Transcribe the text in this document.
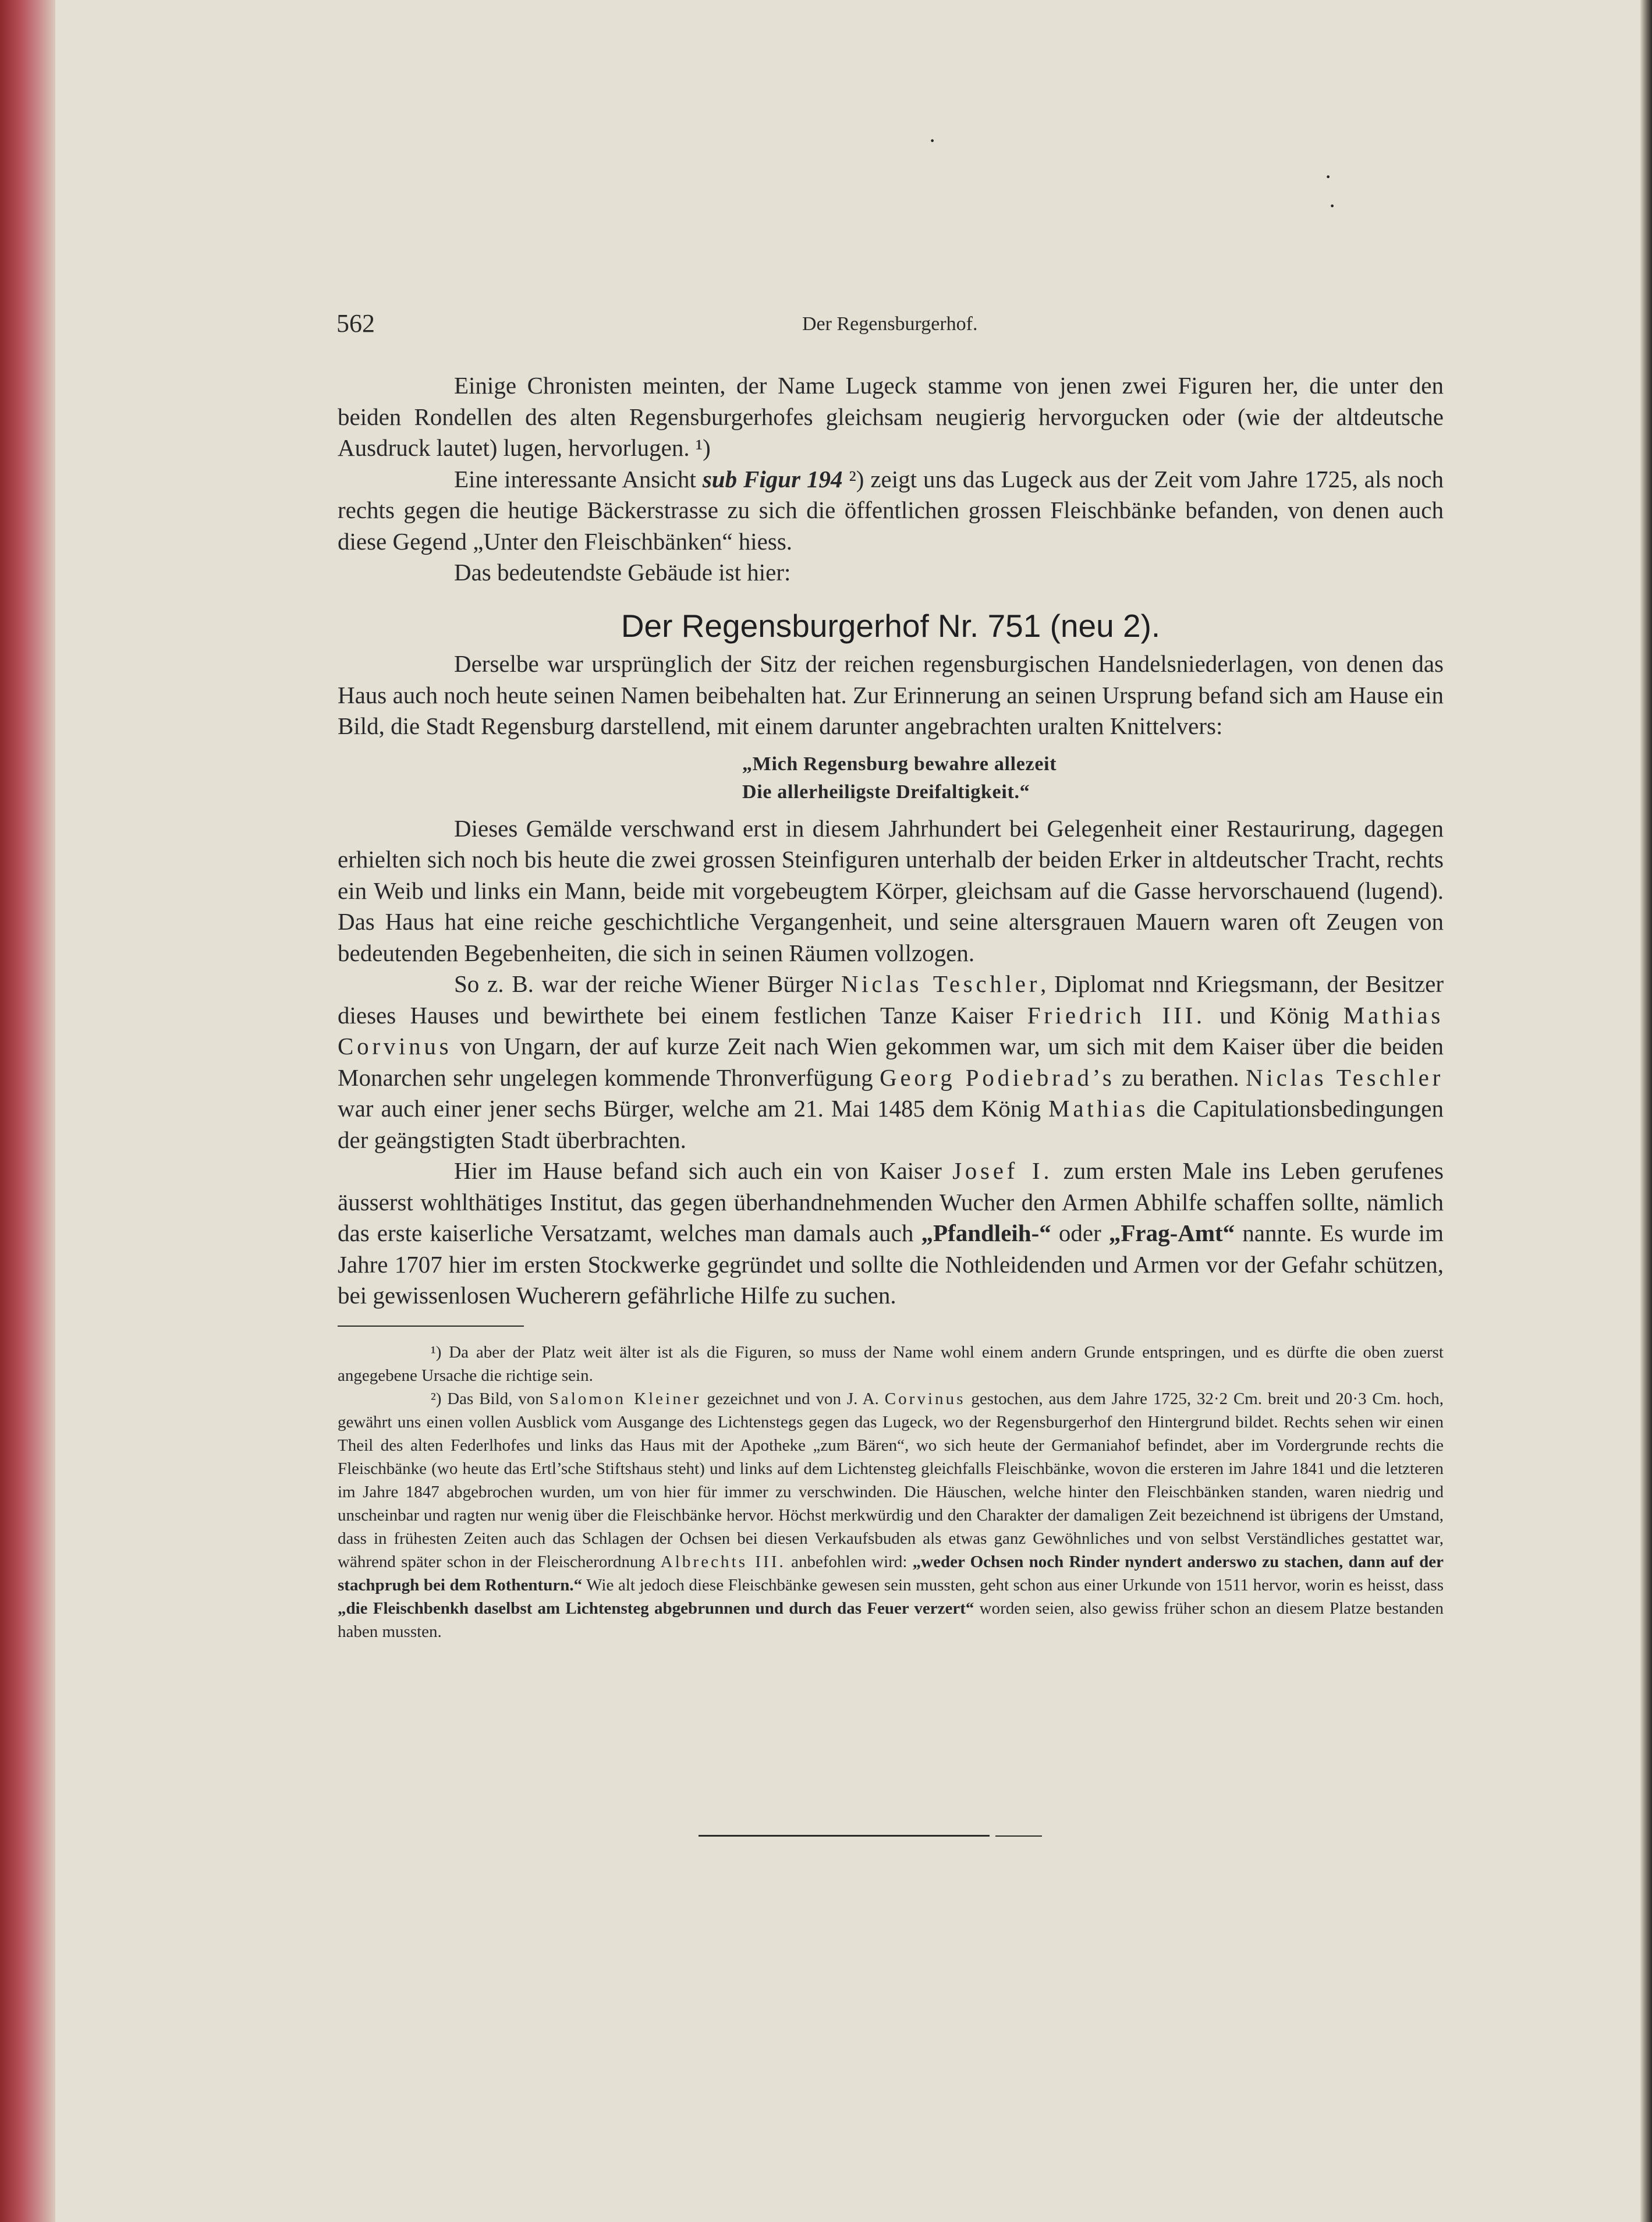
·
·
·
562	Der Regensburgerhof.

Einige Chronisten meinten, der Name Lugeck stamme von jenen zwei Figuren her, die unter den beiden Rondellen des alten Regensburgerhofes gleichsam neugierig hervorgucken oder (wie der altdeutsche Ausdruck lautet) lugen, hervorlugen. ¹)

Eine interessante Ansicht sub Figur 194 ²) zeigt uns das Lugeck aus der Zeit vom Jahre 1725, als noch rechts gegen die heutige Bäckerstrasse zu sich die öffentlichen grossen Fleischbänke befanden, von denen auch diese Gegend „Unter den Fleischbänken“ hiess.

Das bedeutendste Gebäude ist hier:

Der Regensburgerhof Nr. 751 (neu 2).

Derselbe war ursprünglich der Sitz der reichen regensburgischen Handelsniederlagen, von denen das Haus auch noch heute seinen Namen beibehalten hat. Zur Erinnerung an seinen Ursprung befand sich am Hause ein Bild, die Stadt Regensburg darstellend, mit einem darunter angebrachten uralten Knittelvers:

„Mich Regensburg bewahre allezeit
Die allerheiligste Dreifaltigkeit.“

Dieses Gemälde verschwand erst in diesem Jahrhundert bei Gelegenheit einer Restaurirung, dagegen erhielten sich noch bis heute die zwei grossen Steinfiguren unterhalb der beiden Erker in altdeutscher Tracht, rechts ein Weib und links ein Mann, beide mit vorgebeugtem Körper, gleichsam auf die Gasse hervorschauend (lugend). Das Haus hat eine reiche geschichtliche Vergangenheit, und seine altersgrauen Mauern waren oft Zeugen von bedeutenden Begebenheiten, die sich in seinen Räumen vollzogen.

So z. B. war der reiche Wiener Bürger Niclas Teschler, Diplomat nnd Kriegsmann, der Besitzer dieses Hauses und bewirthete bei einem festlichen Tanze Kaiser Friedrich III. und König Mathias Corvinus von Ungarn, der auf kurze Zeit nach Wien gekommen war, um sich mit dem Kaiser über die beiden Monarchen sehr ungelegen kommende Thronverfügung Georg Podiebrad’s zu berathen. Niclas Teschler war auch einer jener sechs Bürger, welche am 21. Mai 1485 dem König Mathias die Capitulationsbedingungen der geängstigten Stadt überbrachten.

Hier im Hause befand sich auch ein von Kaiser Josef I. zum ersten Male ins Leben gerufenes äusserst wohlthätiges Institut, das gegen überhandnehmenden Wucher den Armen Abhilfe schaffen sollte, nämlich das erste kaiserliche Versatzamt, welches man damals auch „Pfandleih-“ oder „Frag-Amt“ nannte. Es wurde im Jahre 1707 hier im ersten Stockwerke gegründet und sollte die Nothleidenden und Armen vor der Gefahr schützen, bei gewissenlosen Wucherern gefährliche Hilfe zu suchen.

¹) Da aber der Platz weit älter ist als die Figuren, so muss der Name wohl einem andern Grunde entspringen, und es dürfte die oben zuerst angegebene Ursache die richtige sein.

²) Das Bild, von Salomon Kleiner gezeichnet und von J. A. Corvinus gestochen, aus dem Jahre 1725, 32·2 Cm. breit und 20·3 Cm. hoch, gewährt uns einen vollen Ausblick vom Ausgange des Lichtenstegs gegen das Lugeck, wo der Regensburgerhof den Hintergrund bildet. Rechts sehen wir einen Theil des alten Federlhofes und links das Haus mit der Apotheke „zum Bären“, wo sich heute der Germaniahof befindet, aber im Vordergrunde rechts die Fleischbänke (wo heute das Ertl’sche Stiftshaus steht) und links auf dem Lichtensteg gleichfalls Fleischbänke, wovon die ersteren im Jahre 1841 und die letzteren im Jahre 1847 abgebrochen wurden, um von hier für immer zu verschwinden. Die Häuschen, welche hinter den Fleischbänken standen, waren niedrig und unscheinbar und ragten nur wenig über die Fleischbänke hervor. Höchst merkwürdig und den Charakter der damaligen Zeit bezeichnend ist übrigens der Umstand, dass in frühesten Zeiten auch das Schlagen der Ochsen bei diesen Verkaufsbuden als etwas ganz Gewöhnliches und von selbst Verständliches gestattet war, während später schon in der Fleischerordnung Albrechts III. anbefohlen wird: „weder Ochsen noch Rinder nyndert anderswo zu stachen, dann auf der stachprugh bei dem Rothenturn.“ Wie alt jedoch diese Fleischbänke gewesen sein mussten, geht schon aus einer Urkunde von 1511 hervor, worin es heisst, dass „die Fleischbenkh daselbst am Lichtensteg abgebrunnen und durch das Feuer verzert“ worden seien, also gewiss früher schon an diesem Platze bestanden haben mussten.
